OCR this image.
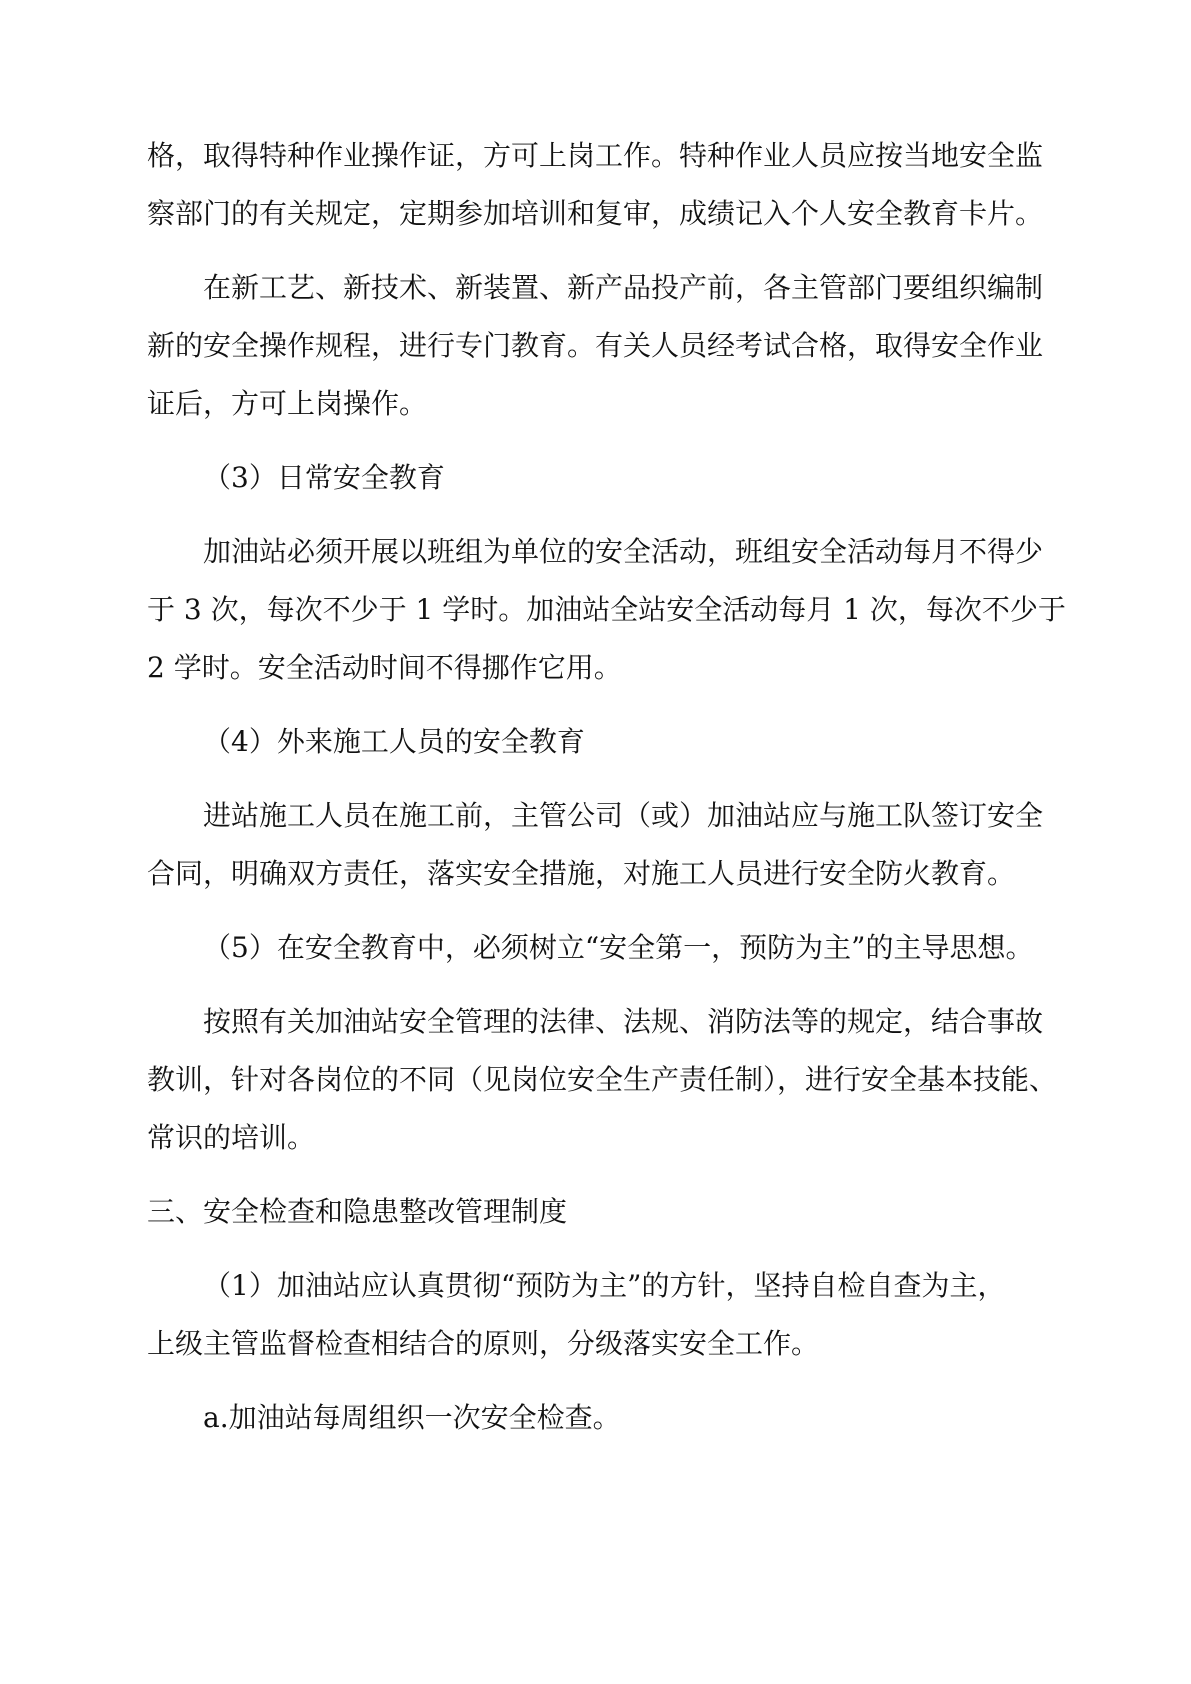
格，取得特种作业操作证，方可上岗工作。特种作业人员应按当地安全监

察部门的有关规定，定期参加培训和复审，成绩记入个人安全教育卡片。

在新工艺、新技术、新装置、新产品投产前，各主管部门要组织编制

新的安全操作规程，进行专门教育。有关人员经考试合格，取得安全作业

证后，方可上岗操作。

（3）日常安全教育

加油站必须开展以班组为单位的安全活动，班组安全活动每月不得少

于 3 次，每次不少于 1 学时。加油站全站安全活动每月 1 次，每次不少于

2 学时。安全活动时间不得挪作它用。

（4）外来施工人员的安全教育

进站施工人员在施工前，主管公司（或）加油站应与施工队签订安全

合同，明确双方责任，落实安全措施，对施工人员进行安全防火教育。

（5）在安全教育中，必须树立“安全第一，预防为主”的主导思想。

按照有关加油站安全管理的法律、法规、消防法等的规定，结合事故

教训，针对各岗位的不同（见岗位安全生产责任制），进行安全基本技能、

常识的培训。

三、安全检查和隐患整改管理制度

（1）加油站应认真贯彻“预防为主”的方针，坚持自检自查为主，

上级主管监督检查相结合的原则，分级落实安全工作。

a.加油站每周组织一次安全检查。
